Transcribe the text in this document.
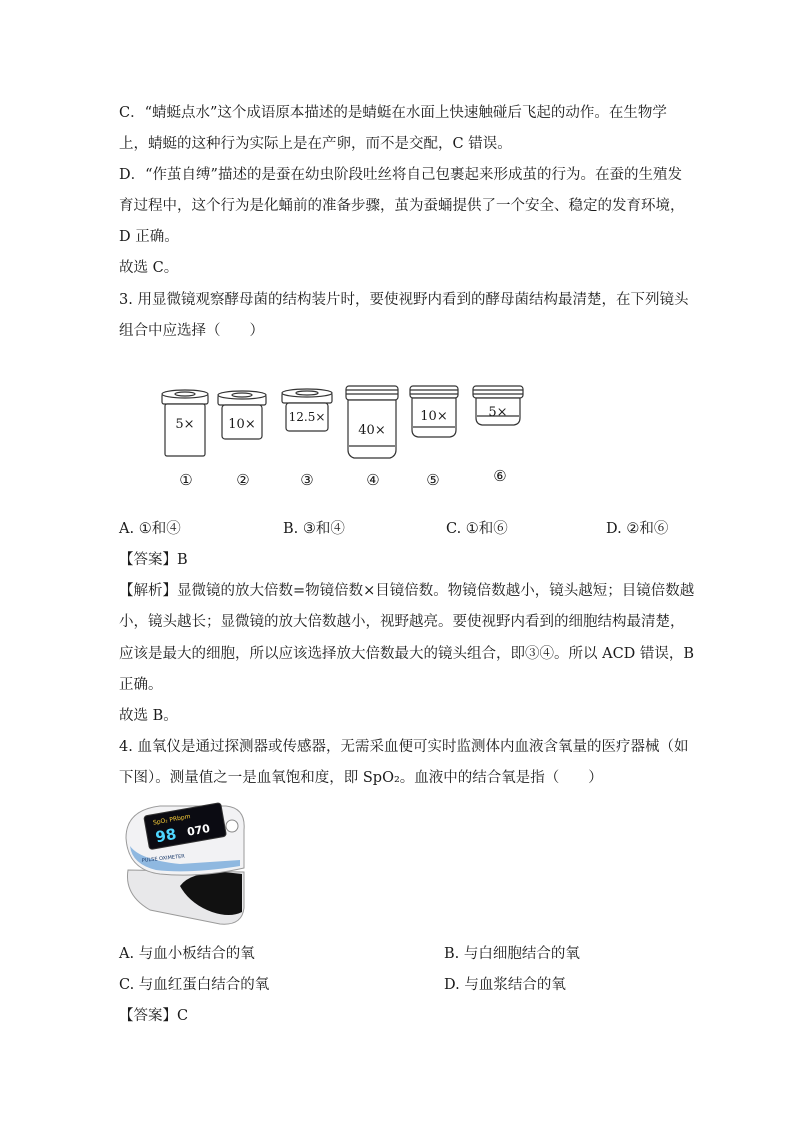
C．“蜻蜓点水”这个成语原本描述的是蜻蜓在水面上快速触碰后飞起的动作。在生物学
上，蜻蜓的这种行为实际上是在产卵，而不是交配，C 错误。
D．“作茧自缚”描述的是蚕在幼虫阶段吐丝将自己包裹起来形成茧的行为。在蚕的生殖发
育过程中，这个行为是化蛹前的准备步骤，茧为蚕蛹提供了一个安全、稳定的发育环境，
D 正确。
故选 C。
3. 用显微镜观察酵母菌的结构装片时，要使视野内看到的酵母菌结构最清楚，在下列镜头
组合中应选择（　　）
5×	10×	12.5×
40×
10×	5×
①	②	③	④	⑤	⑥
A. ①和④	B. ③和④	C. ①和⑥	D. ②和⑥
【答案】B
【解析】显微镜的放大倍数=物镜倍数×目镜倍数。物镜倍数越小，镜头越短；目镜倍数越
小，镜头越长；显微镜的放大倍数越小，视野越亮。要使视野内看到的细胞结构最清楚，
应该是最大的细胞，所以应该选择放大倍数最大的镜头组合，即③④。所以 ACD 错误，B
正确。
故选 B。
4. 血氧仪是通过探测器或传感器，无需采血便可实时监测体内血液含氧量的医疗器械（如
下图）。测量值之一是血氧饱和度，即 SpO₂。血液中的结合氧是指（　　）
SpO₂ PRbpm
98 070
PULSE OXIMETER
A. 与血小板结合的氧	B. 与白细胞结合的氧
C. 与血红蛋白结合的氧	D. 与血浆结合的氧
【答案】C
